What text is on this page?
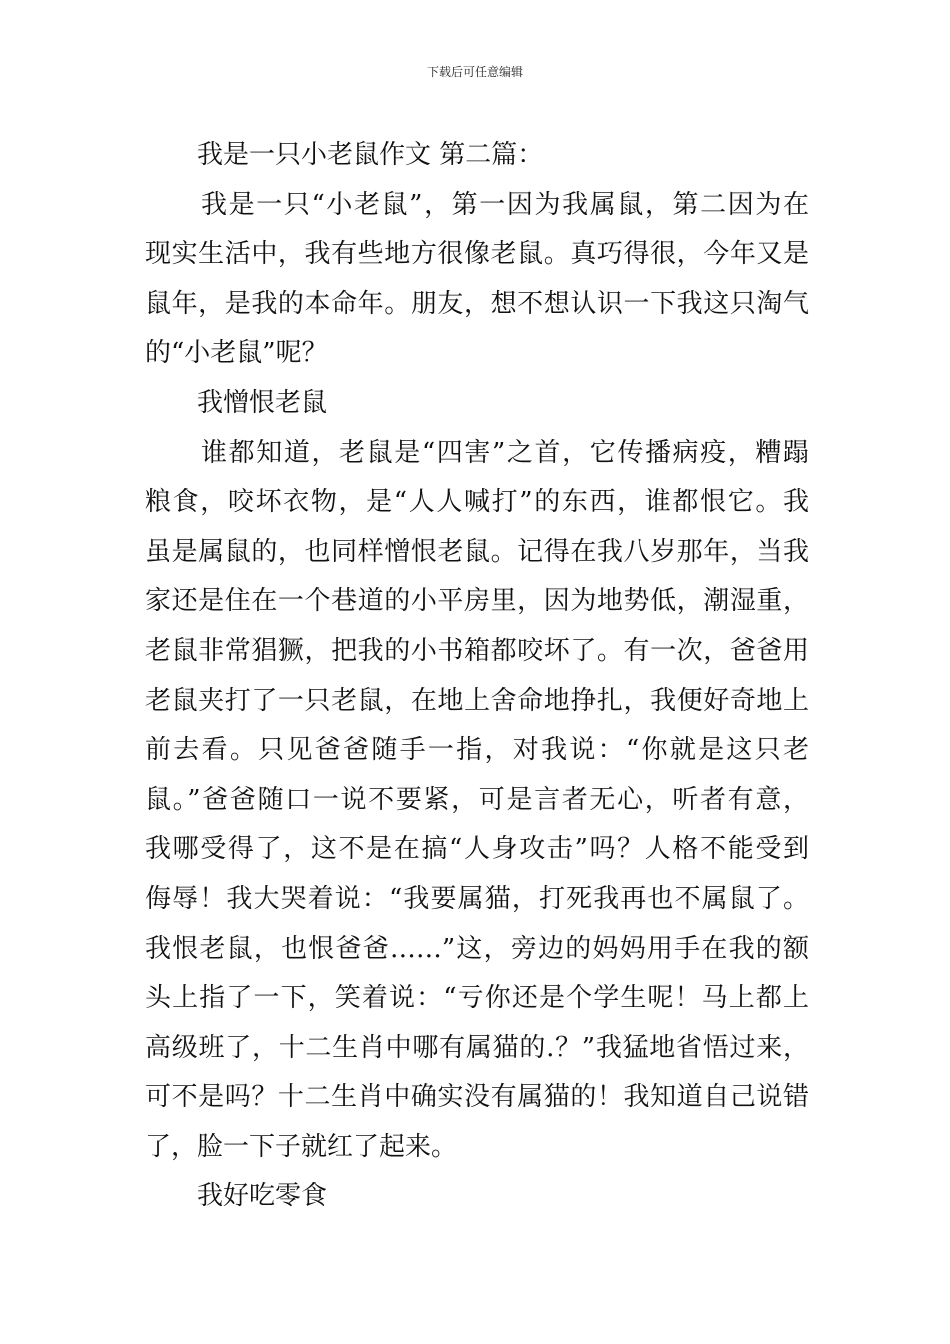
下载后可任意编辑
我是一只小老鼠作文 第二篇：
我是一只“小老鼠”，第一因为我属鼠，第二因为在
现实生活中，我有些地方很像老鼠。真巧得很，今年又是
鼠年，是我的本命年。朋友，想不想认识一下我这只淘气
的“小老鼠”呢？
我憎恨老鼠
谁都知道，老鼠是“四害”之首，它传播病疫，糟蹋
粮食，咬坏衣物，是“人人喊打”的东西，谁都恨它。我
虽是属鼠的，也同样憎恨老鼠。记得在我八岁那年，当我
家还是住在一个巷道的小平房里，因为地势低，潮湿重，
老鼠非常猖獗，把我的小书箱都咬坏了。有一次，爸爸用
老鼠夹打了一只老鼠，在地上舍命地挣扎，我便好奇地上
前去看。只见爸爸随手一指，对我说：“你就是这只老
鼠。”爸爸随口一说不要紧，可是言者无心，听者有意，
我哪受得了，这不是在搞“人身攻击”吗？人格不能受到
侮辱！我大哭着说：“我要属猫，打死我再也不属鼠了。
我恨老鼠，也恨爸爸……”这，旁边的妈妈用手在我的额
头上指了一下，笑着说：“亏你还是个学生呢！马上都上
高级班了，十二生肖中哪有属猫的.？”我猛地省悟过来，
可不是吗？十二生肖中确实没有属猫的！我知道自己说错
了，脸一下子就红了起来。
我好吃零食
